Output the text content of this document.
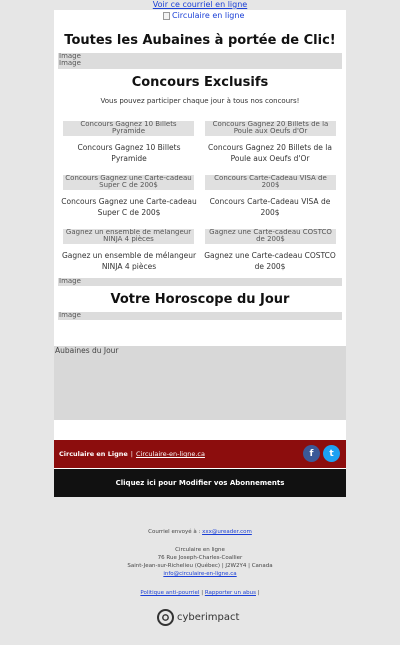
Voir ce courriel en ligne
Circulaire en ligne
Toutes les Aubaines à portée de Clic!
Image
Image
Concours Exclusifs
Vous pouvez participer chaque jour à tous nos concours!
Concours Gagnez 10 Billets Pyramide
Concours Gagnez 10 Billets Pyramide
Concours Gagnez 20 Billets de la Poule aux Oeufs d'Or
Concours Gagnez 20 Billets de la Poule aux Oeufs d'Or
Concours Gagnez une Carte-cadeau Super C de 200$
Concours Gagnez une Carte-cadeau Super C de 200$
Concours Carte-Cadeau VISA de 200$
Concours Carte-Cadeau VISA de 200$
Gagnez un ensemble de mélangeur NINJA 4 pièces
Gagnez un ensemble de mélangeur NINJA 4 pièces
Gagnez une Carte-cadeau COSTCO de 200$
Gagnez une Carte-cadeau COSTCO de 200$
Image
Votre Horoscope du Jour
Image
Aubaines du Jour
Circulaire en Ligne | Circulaire-en-ligne.ca	f	t
Cliquez ici pour Modifier vos Abonnements
Courriel envoyé à : xxx@ureader.com
Circulaire en ligne
76 Rue Joseph-Charles-Coallier
Saint-Jean-sur-Richelieu (Québec) | J2W2Y4 | Canada
info@circulaire-en-ligne.ca
Politique anti-pourriel | Rapporter un abus |
cyberimpact
